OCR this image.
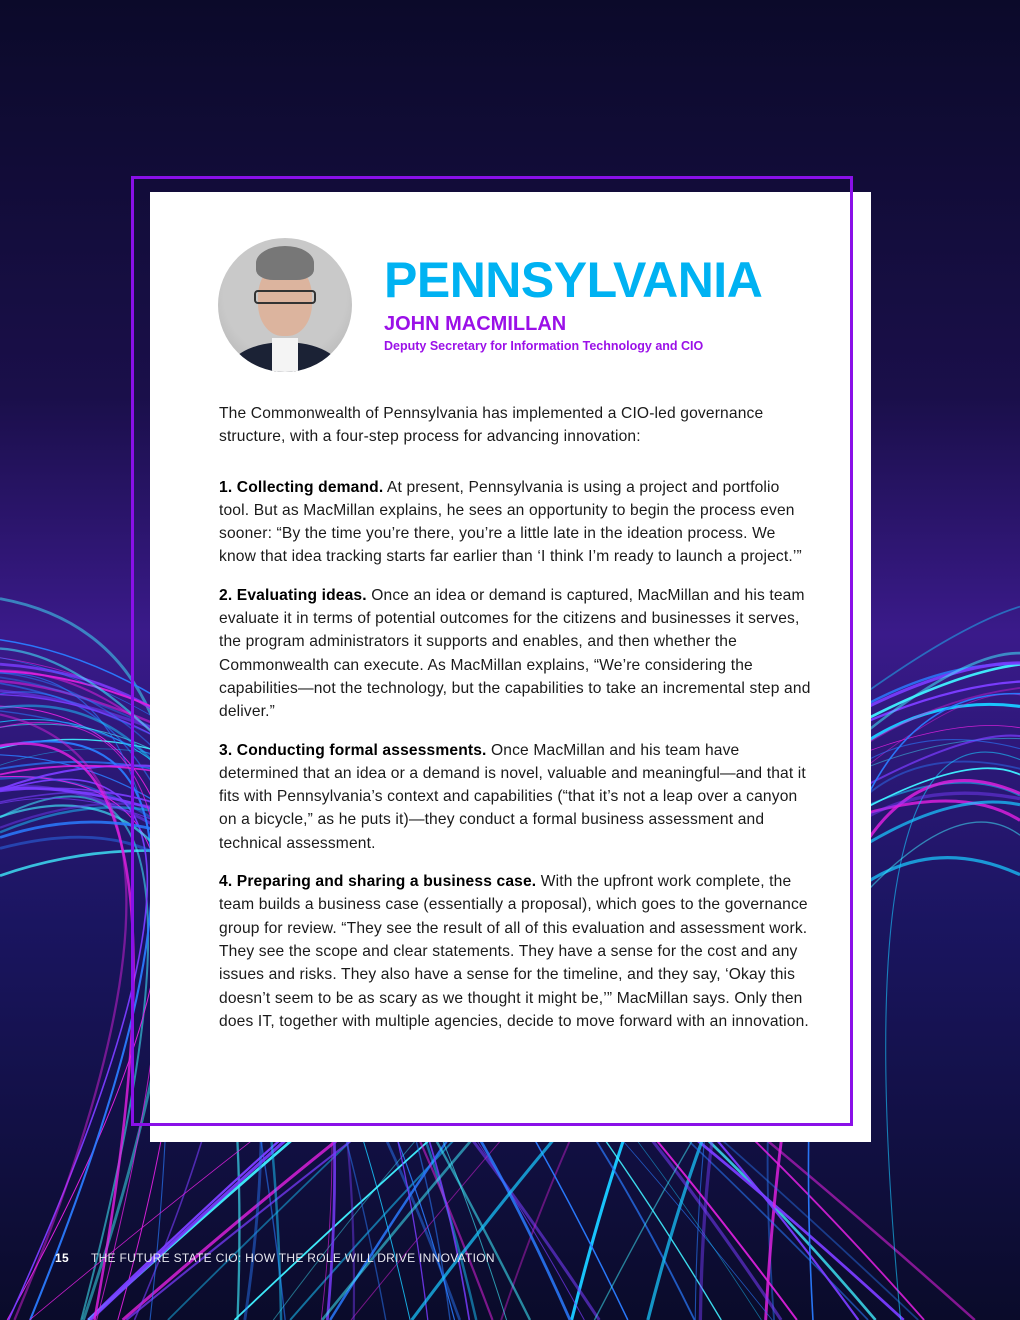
PENNSYLVANIA
JOHN MACMILLAN
Deputy Secretary for Information Technology and CIO

The Commonwealth of Pennsylvania has implemented a CIO-led governance structure, with a four-step process for advancing innovation:

1. Collecting demand. At present, Pennsylvania is using a project and portfolio tool. But as MacMillan explains, he sees an opportunity to begin the process even sooner: “By the time you’re there, you’re a little late in the ideation process. We know that idea tracking starts far earlier than ‘I think I’m ready to launch a project.’”

2. Evaluating ideas. Once an idea or demand is captured, MacMillan and his team evaluate it in terms of potential outcomes for the citizens and businesses it serves, the program administrators it supports and enables, and then whether the Commonwealth can execute. As MacMillan explains, “We’re considering the capabilities—not the technology, but the capabilities to take an incremental step and deliver.”

3. Conducting formal assessments. Once MacMillan and his team have determined that an idea or a demand is novel, valuable and meaningful—and that it fits with Pennsylvania’s context and capabilities (“that it’s not a leap over a canyon on a bicycle,” as he puts it)—they conduct a formal business assessment and technical assessment.

4. Preparing and sharing a business case. With the upfront work complete, the team builds a business case (essentially a proposal), which goes to the governance group for review. “They see the result of all of this evaluation and assessment work. They see the scope and clear statements. They have a sense for the cost and any issues and risks. They also have a sense for the timeline, and they say, ‘Okay this doesn’t seem to be as scary as we thought it might be,’” MacMillan says. Only then does IT, together with multiple agencies, decide to move forward with an innovation.

15 THE FUTURE STATE CIO: HOW THE ROLE WILL DRIVE INNOVATION
